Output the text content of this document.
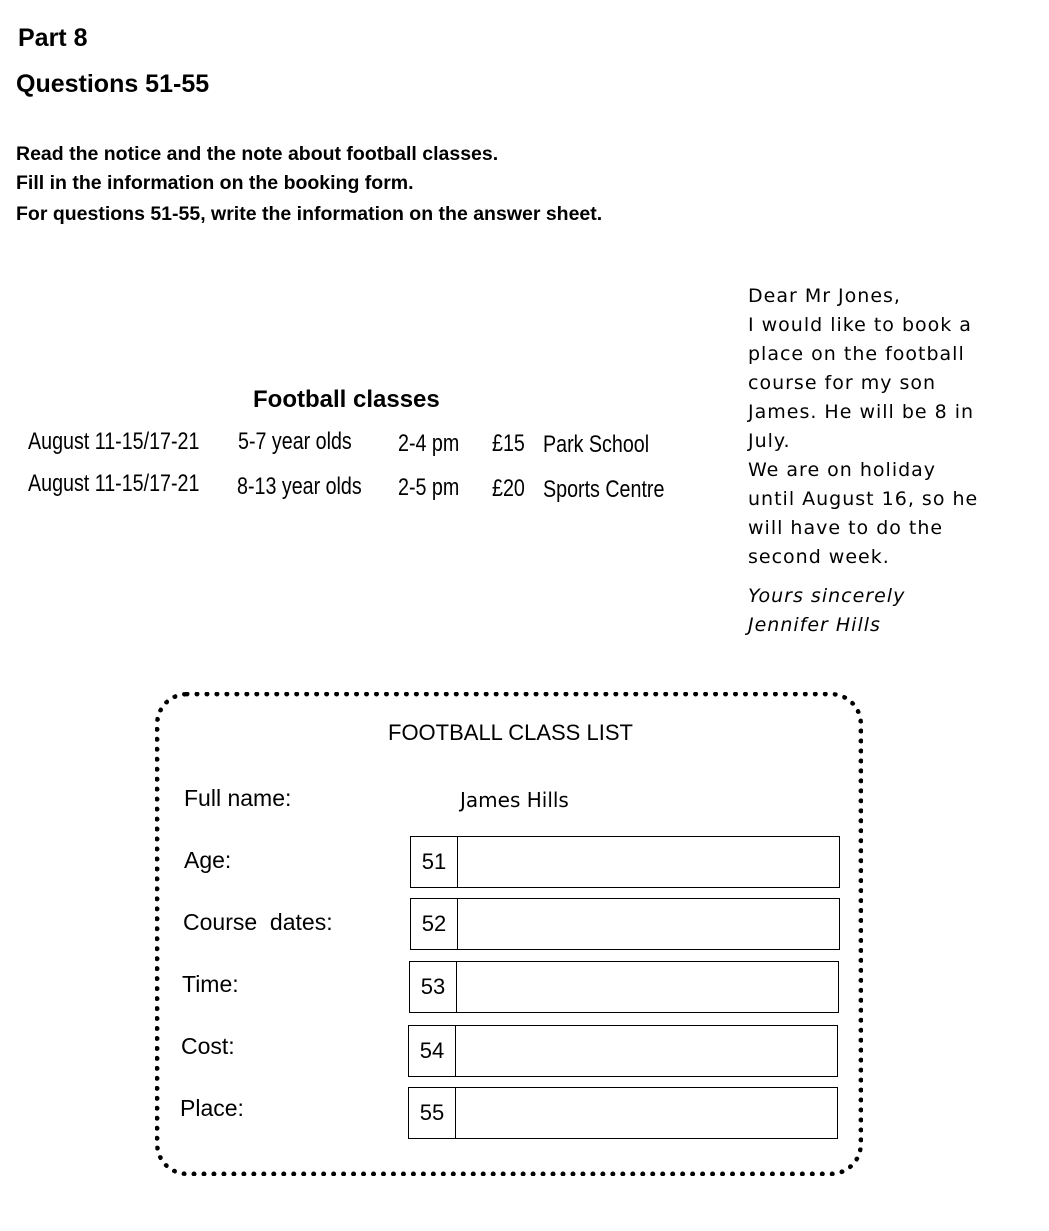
Part 8
Questions 51-55
Read the notice and the note about football classes.
Fill in the information on the booking form.
For questions 51-55, write the information on the answer sheet.
Football classes
August 11-15/17-21 5-7 year olds 2-4 pm £15 Park School
August 11-15/17-21 8-13 year olds 2-5 pm £20 Sports Centre
Dear Mr Jones,
I would like to book a
place on the football
course for my son
James. He will be 8 in
July.
We are on holiday
until August 16, so he
will have to do the
second week.
Yours sincerely
Jennifer Hills
FOOTBALL CLASS LIST
Full name:	James Hills
Age:	51
Course  dates:	52
Time:	53
Cost:	54
Place:	55
